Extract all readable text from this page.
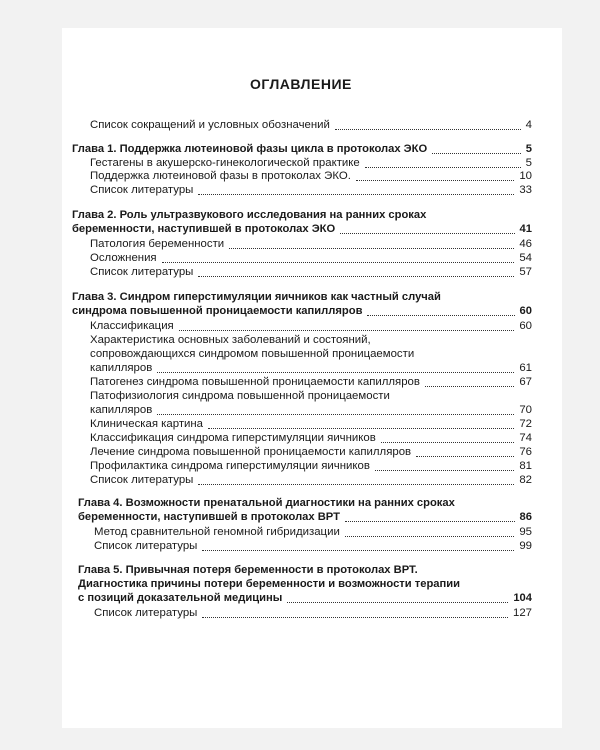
ОГЛАВЛЕНИЕ
Список сокращений и условных обозначений	4
Глава 1. Поддержка лютеиновой фазы цикла в протоколах ЭКО	5
Гестагены в акушерско-гинекологической практике	5
Поддержка лютеиновой фазы в протоколах ЭКО.	10
Список литературы	33
Глава 2. Роль ультразвукового исследования на ранних сроках
беременности, наступившей в протоколах ЭКО	41
Патология беременности	46
Осложнения	54
Список литературы	57
Глава 3. Синдром гиперстимуляции яичников как частный случай
синдрома повышенной проницаемости капилляров	60
Классификация	60
Характеристика основных заболеваний и состояний,
сопровождающихся синдромом повышенной проницаемости
капилляров	61
Патогенез синдрома повышенной проницаемости капилляров	67
Патофизиология синдрома повышенной проницаемости
капилляров	70
Клиническая картина	72
Классификация синдрома гиперстимуляции яичников	74
Лечение синдрома повышенной проницаемости капилляров	76
Профилактика синдрома гиперстимуляции яичников	81
Список литературы	82
Глава 4. Возможности пренатальной диагностики на ранних сроках
беременности, наступившей в протоколах ВРТ	86
Метод сравнительной геномной гибридизации	95
Список литературы	99
Глава 5. Привычная потеря беременности в протоколах ВРТ.
Диагностика причины потери беременности и возможности терапии
с позиций доказательной медицины	104
Список литературы	127
